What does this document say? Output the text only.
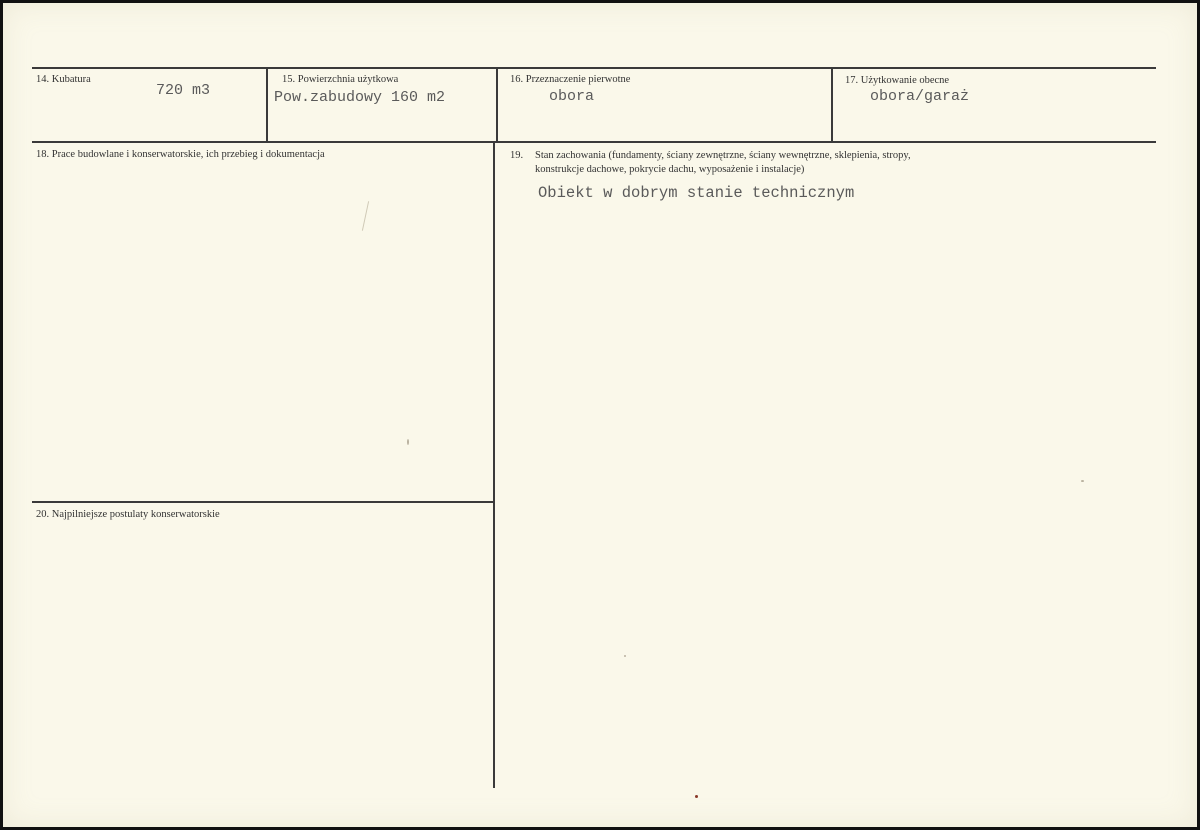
14. Kubatura
720 m3
15. Powierzchnia użytkowa
Pow.zabudowy 160 m2
16. Przeznaczenie pierwotne
obora
17. Użytkowanie obecne
obora/garaż
18. Prace budowlane i konserwatorskie, ich przebieg i dokumentacja	19. Stan zachowania (fundamenty, ściany zewnętrzne, ściany wewnętrzne, sklepienia, stropy,
konstrukcje dachowe, pokrycie dachu, wyposażenie i instalacje)
Obiekt w dobrym stanie technicznym
20. Najpilniejsze postulaty konserwatorskie
